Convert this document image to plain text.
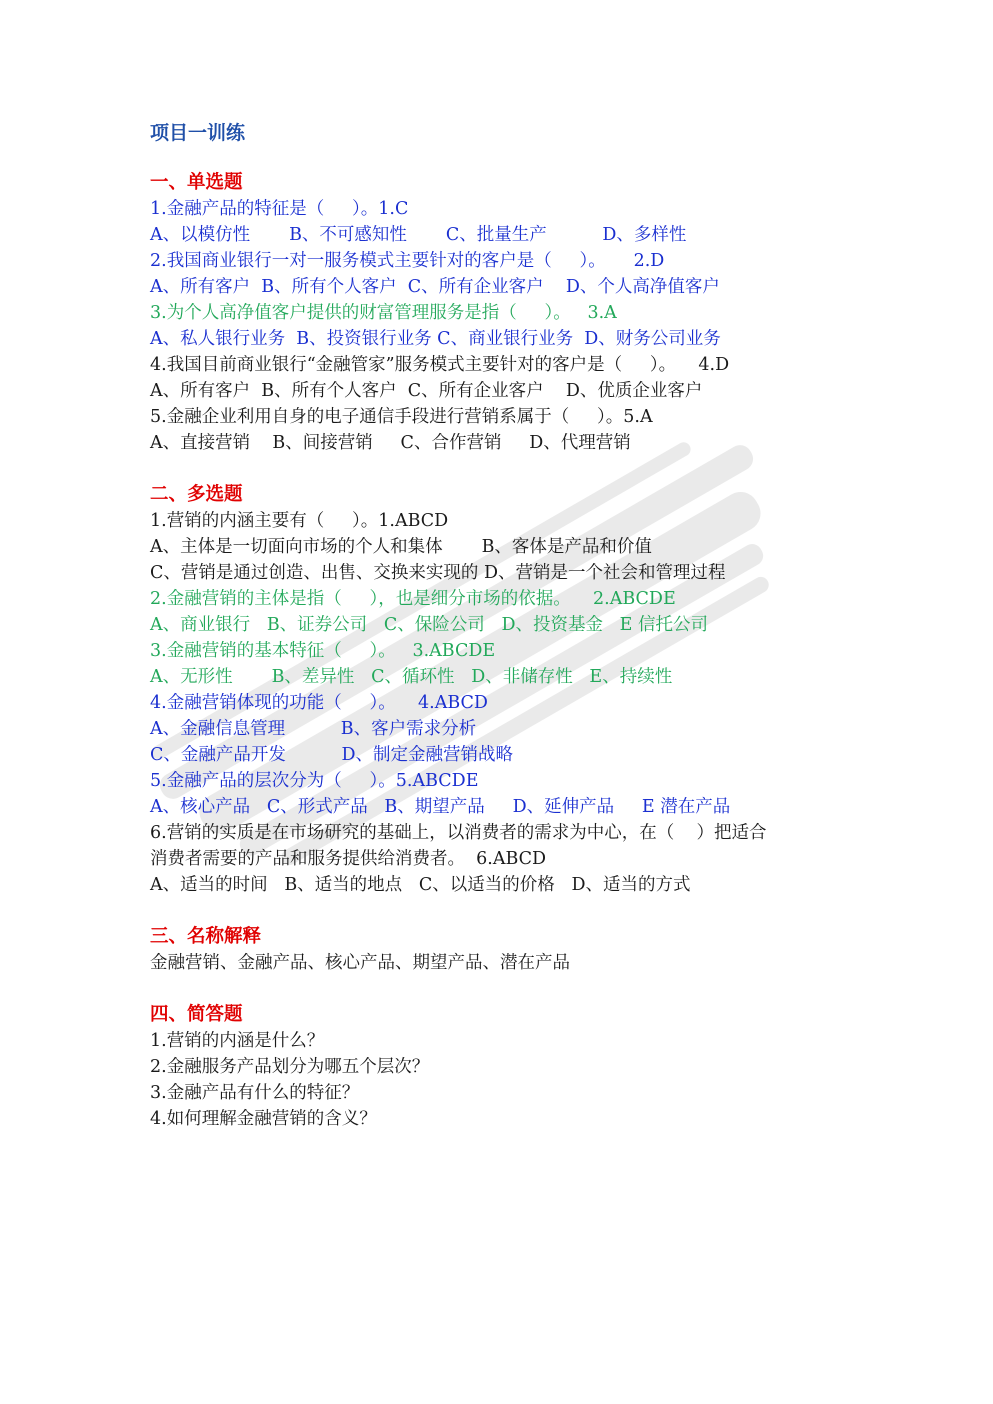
项目一训练
一、单选题
1.金融产品的特征是（     ）。1.C
A、以模仿性       B、不可感知性       C、批量生产          D、多样性
2.我国商业银行一对一服务模式主要针对的客户是（     ）。     2.D
A、所有客户  B、所有个人客户  C、所有企业客户    D、个人高净值客户
3.为个人高净值客户提供的财富管理服务是指（     ）。   3.A
A、私人银行业务  B、投资银行业务 C、商业银行业务  D、财务公司业务
4.我国目前商业银行“金融管家”服务模式主要针对的客户是（     ）。    4.D
A、所有客户  B、所有个人客户  C、所有企业客户    D、优质企业客户
5.金融企业利用自身的电子通信手段进行营销系属于（     ）。5.A
A、直接营销    B、间接营销     C、合作营销     D、代理营销
二、多选题
1.营销的内涵主要有（     ）。1.ABCD
A、主体是一切面向市场的个人和集体       B、客体是产品和价值
C、营销是通过创造、出售、交换来实现的 D、营销是一个社会和管理过程
2.金融营销的主体是指（     ），也是细分市场的依据。    2.ABCDE
A、商业银行   B、证券公司   C、保险公司   D、投资基金   E 信托公司
3.金融营销的基本特征（     ）。   3.ABCDE
A、无形性       B、差异性   C、循环性   D、非储存性   E、持续性
4.金融营销体现的功能（     ）。    4.ABCD
A、金融信息管理          B、客户需求分析
C、金融产品开发          D、制定金融营销战略
5.金融产品的层次分为（     ）。5.ABCDE
A、核心产品   C、形式产品   B、期望产品     D、延伸产品     E 潜在产品
6.营销的实质是在市场研究的基础上，以消费者的需求为中心，在（    ）把适合
消费者需要的产品和服务提供给消费者。  6.ABCD
A、适当的时间   B、适当的地点   C、以适当的价格   D、适当的方式
三、名称解释
金融营销、金融产品、核心产品、期望产品、潜在产品
四、简答题
1.营销的内涵是什么？
2.金融服务产品划分为哪五个层次？
3.金融产品有什么的特征？
4.如何理解金融营销的含义？
